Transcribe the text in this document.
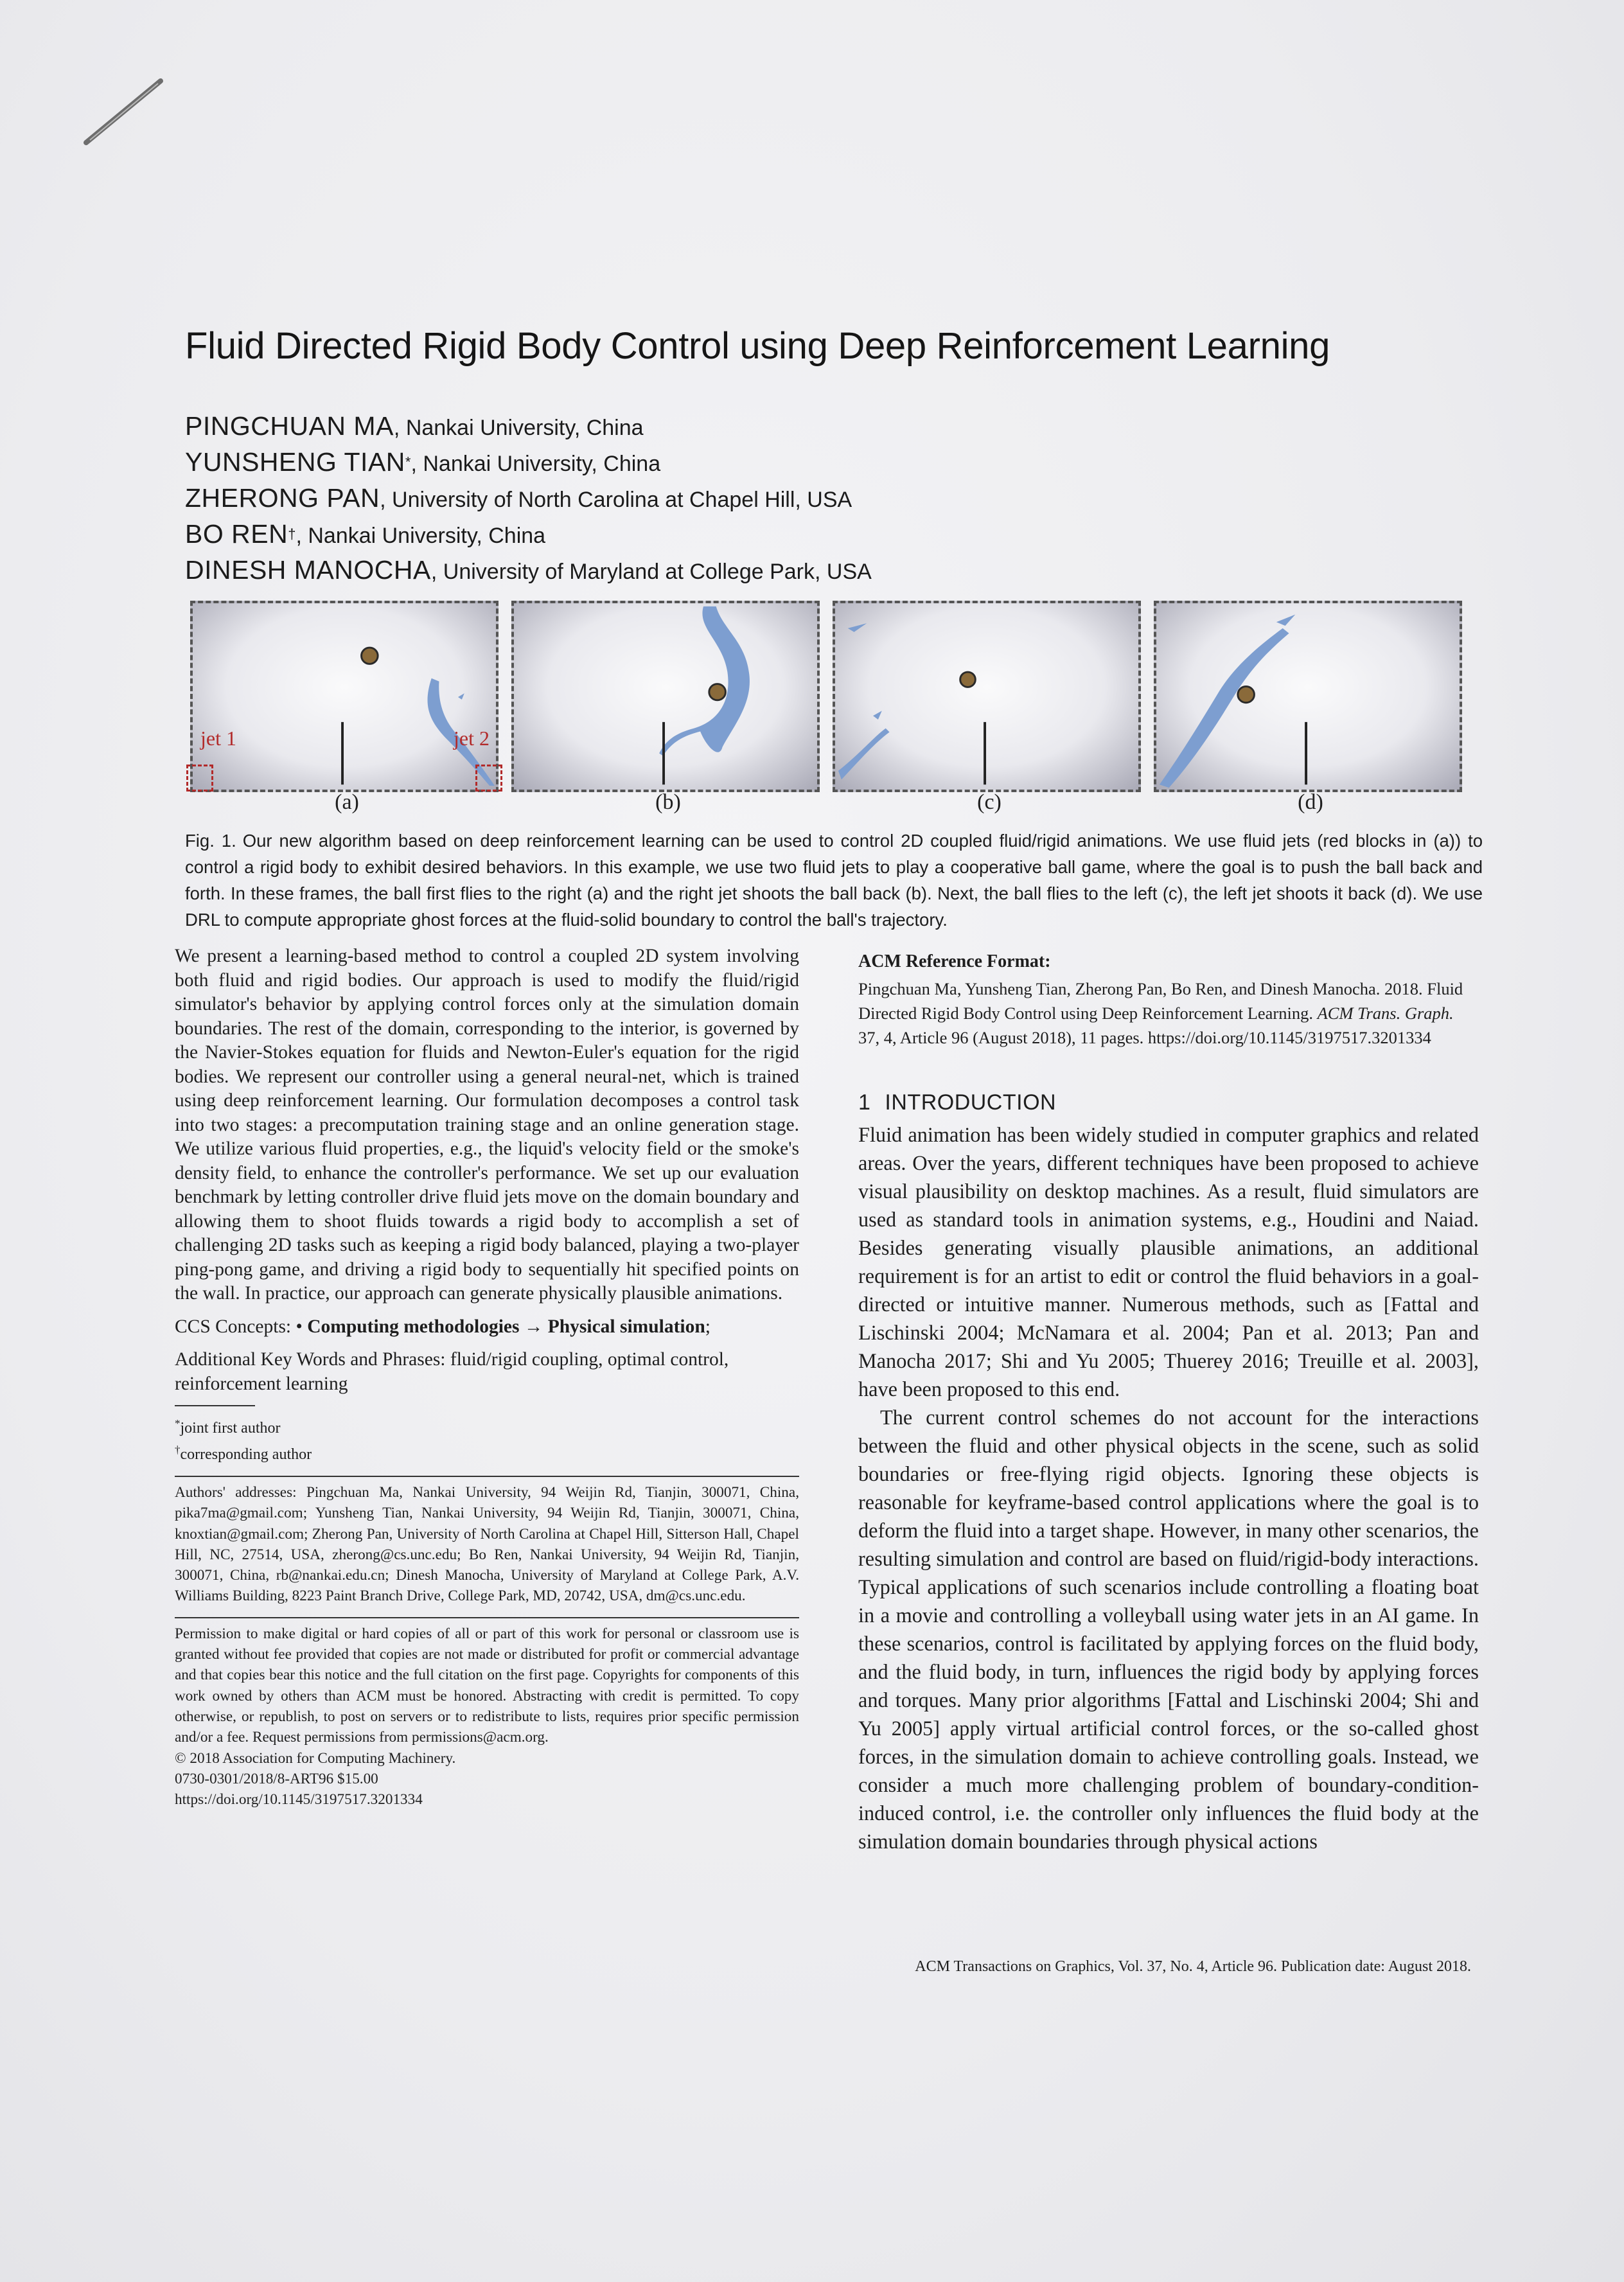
Fluid Directed Rigid Body Control using Deep Reinforcement Learning
PINGCHUAN MA, Nankai University, China
YUNSHENG TIAN*, Nankai University, China
ZHERONG PAN, University of North Carolina at Chapel Hill, USA
BO REN†, Nankai University, China
DINESH MANOCHA, University of Maryland at College Park, USA
jet 1	jet 2
(a)	(b)	(c)	(d)

Fig. 1. Our new algorithm based on deep reinforcement learning can be used to control 2D coupled fluid/rigid animations. We use fluid jets (red blocks in (a)) to control a rigid body to exhibit desired behaviors. In this example, we use two fluid jets to play a cooperative ball game, where the goal is to push the ball back and forth. In these frames, the ball first flies to the right (a) and the right jet shoots the ball back (b). Next, the ball flies to the left (c), the left jet shoots it back (d). We use DRL to compute appropriate ghost forces at the fluid-solid boundary to control the ball's trajectory.

We present a learning-based method to control a coupled 2D system involving both fluid and rigid bodies. Our approach is used to modify the fluid/rigid simulator's behavior by applying control forces only at the simulation domain boundaries. The rest of the domain, corresponding to the interior, is governed by the Navier-Stokes equation for fluids and Newton-Euler's equation for the rigid bodies. We represent our controller using a general neural-net, which is trained using deep reinforcement learning. Our formulation decomposes a control task into two stages: a precomputation training stage and an online generation stage. We utilize various fluid properties, e.g., the liquid's velocity field or the smoke's density field, to enhance the controller's performance. We set up our evaluation benchmark by letting controller drive fluid jets move on the domain boundary and allowing them to shoot fluids towards a rigid body to accomplish a set of challenging 2D tasks such as keeping a rigid body balanced, playing a two-player ping-pong game, and driving a rigid body to sequentially hit specified points on the wall. In practice, our approach can generate physically plausible animations.

CCS Concepts: • Computing methodologies → Physical simulation;

Additional Key Words and Phrases: fluid/rigid coupling, optimal control, reinforcement learning

*joint first author

†corresponding author

Authors' addresses: Pingchuan Ma, Nankai University, 94 Weijin Rd, Tianjin, 300071, China, pika7ma@gmail.com; Yunsheng Tian, Nankai University, 94 Weijin Rd, Tianjin, 300071, China, knoxtian@gmail.com; Zherong Pan, University of North Carolina at Chapel Hill, Sitterson Hall, Chapel Hill, NC, 27514, USA, zherong@cs.unc.edu; Bo Ren, Nankai University, 94 Weijin Rd, Tianjin, 300071, China, rb@nankai.edu.cn; Dinesh Manocha, University of Maryland at College Park, A.V. Williams Building, 8223 Paint Branch Drive, College Park, MD, 20742, USA, dm@cs.unc.edu.

Permission to make digital or hard copies of all or part of this work for personal or classroom use is granted without fee provided that copies are not made or distributed for profit or commercial advantage and that copies bear this notice and the full citation on the first page. Copyrights for components of this work owned by others than ACM must be honored. Abstracting with credit is permitted. To copy otherwise, or republish, to post on servers or to redistribute to lists, requires prior specific permission and/or a fee. Request permissions from permissions@acm.org.

© 2018 Association for Computing Machinery.

0730-0301/2018/8-ART96 $15.00

https://doi.org/10.1145/3197517.3201334

ACM Reference Format:

Pingchuan Ma, Yunsheng Tian, Zherong Pan, Bo Ren, and Dinesh Manocha. 2018. Fluid Directed Rigid Body Control using Deep Reinforcement Learning. ACM Trans. Graph. 37, 4, Article 96 (August 2018), 11 pages. https://doi.org/10.1145/3197517.3201334

1 INTRODUCTION

Fluid animation has been widely studied in computer graphics and related areas. Over the years, different techniques have been proposed to achieve visual plausibility on desktop machines. As a result, fluid simulators are used as standard tools in animation systems, e.g., Houdini and Naiad. Besides generating visually plausible animations, an additional requirement is for an artist to edit or control the fluid behaviors in a goal-directed or intuitive manner. Numerous methods, such as [Fattal and Lischinski 2004; McNamara et al. 2004; Pan et al. 2013; Pan and Manocha 2017; Shi and Yu 2005; Thuerey 2016; Treuille et al. 2003], have been proposed to this end.

The current control schemes do not account for the interactions between the fluid and other physical objects in the scene, such as solid boundaries or free-flying rigid objects. Ignoring these objects is reasonable for keyframe-based control applications where the goal is to deform the fluid into a target shape. However, in many other scenarios, the resulting simulation and control are based on fluid/rigid-body interactions. Typical applications of such scenarios include controlling a floating boat in a movie and controlling a volleyball using water jets in an AI game. In these scenarios, control is facilitated by applying forces on the fluid body, and the fluid body, in turn, influences the rigid body by applying forces and torques. Many prior algorithms [Fattal and Lischinski 2004; Shi and Yu 2005] apply virtual artificial control forces, or the so-called ghost forces, in the simulation domain to achieve controlling goals. Instead, we consider a much more challenging problem of boundary-condition-induced control, i.e. the controller only influences the fluid body at the simulation domain boundaries through physical actions

ACM Transactions on Graphics, Vol. 37, No. 4, Article 96. Publication date: August 2018.
